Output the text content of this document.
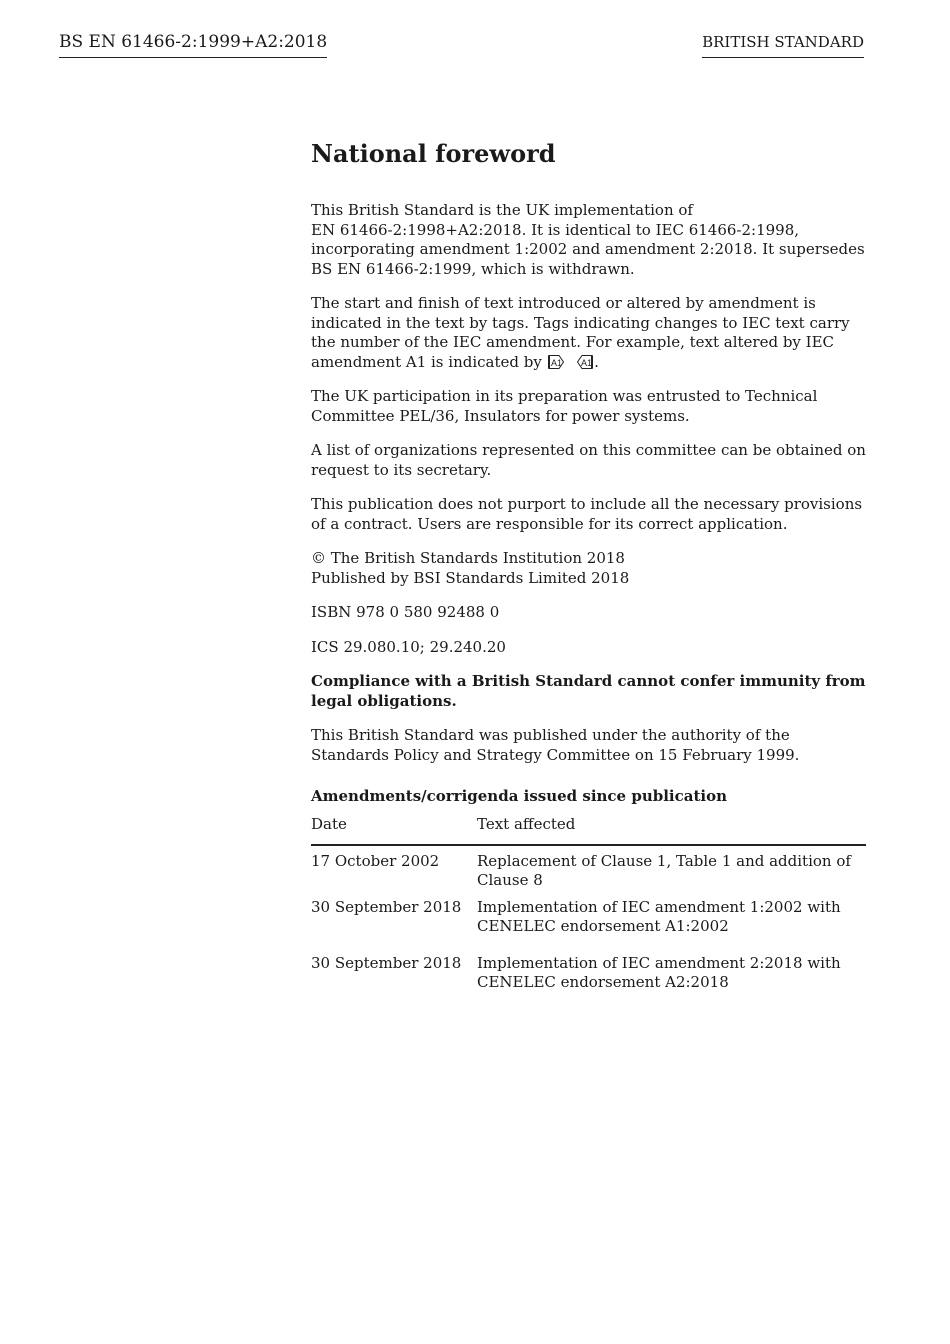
BS EN 61466-2:1999+A2:2018	BRITISH STANDARD
National foreword

This British Standard is the UK implementation of
EN 61466-2:1998+A2:2018. It is identical to IEC 61466-2:1998,
incorporating amendment 1:2002 and amendment 2:2018. It supersedes
BS EN 61466-2:1999, which is withdrawn.

The start and finish of text introduced or altered by amendment is
indicated in the text by tags. Tags indicating changes to IEC text carry
the number of the IEC amendment. For example, text altered by IEC
amendment A1 is indicated by A1
A1 .

The UK participation in its preparation was entrusted to Technical
Committee PEL/36, Insulators for power systems.

A list of organizations represented on this committee can be obtained on
request to its secretary.

This publication does not purport to include all the necessary provisions
of a contract. Users are responsible for its correct application.

© The British Standards Institution 2018
Published by BSI Standards Limited 2018

ISBN 978 0 580 92488 0

ICS 29.080.10; 29.240.20

Compliance with a British Standard cannot confer immunity from
legal obligations.

This British Standard was published under the authority of the
Standards Policy and Strategy Committee on 15 February 1999.

Amendments/corrigenda issued since publication
Date	Text affected
17 October 2002	Replacement of Clause 1, Table 1 and addition of
Clause 8

30 September 2018	Implementation of IEC amendment 1:2002 with
CENELEC endorsement A1:2002

30 September 2018	Implementation of IEC amendment 2:2018 with
CENELEC endorsement A2:2018
